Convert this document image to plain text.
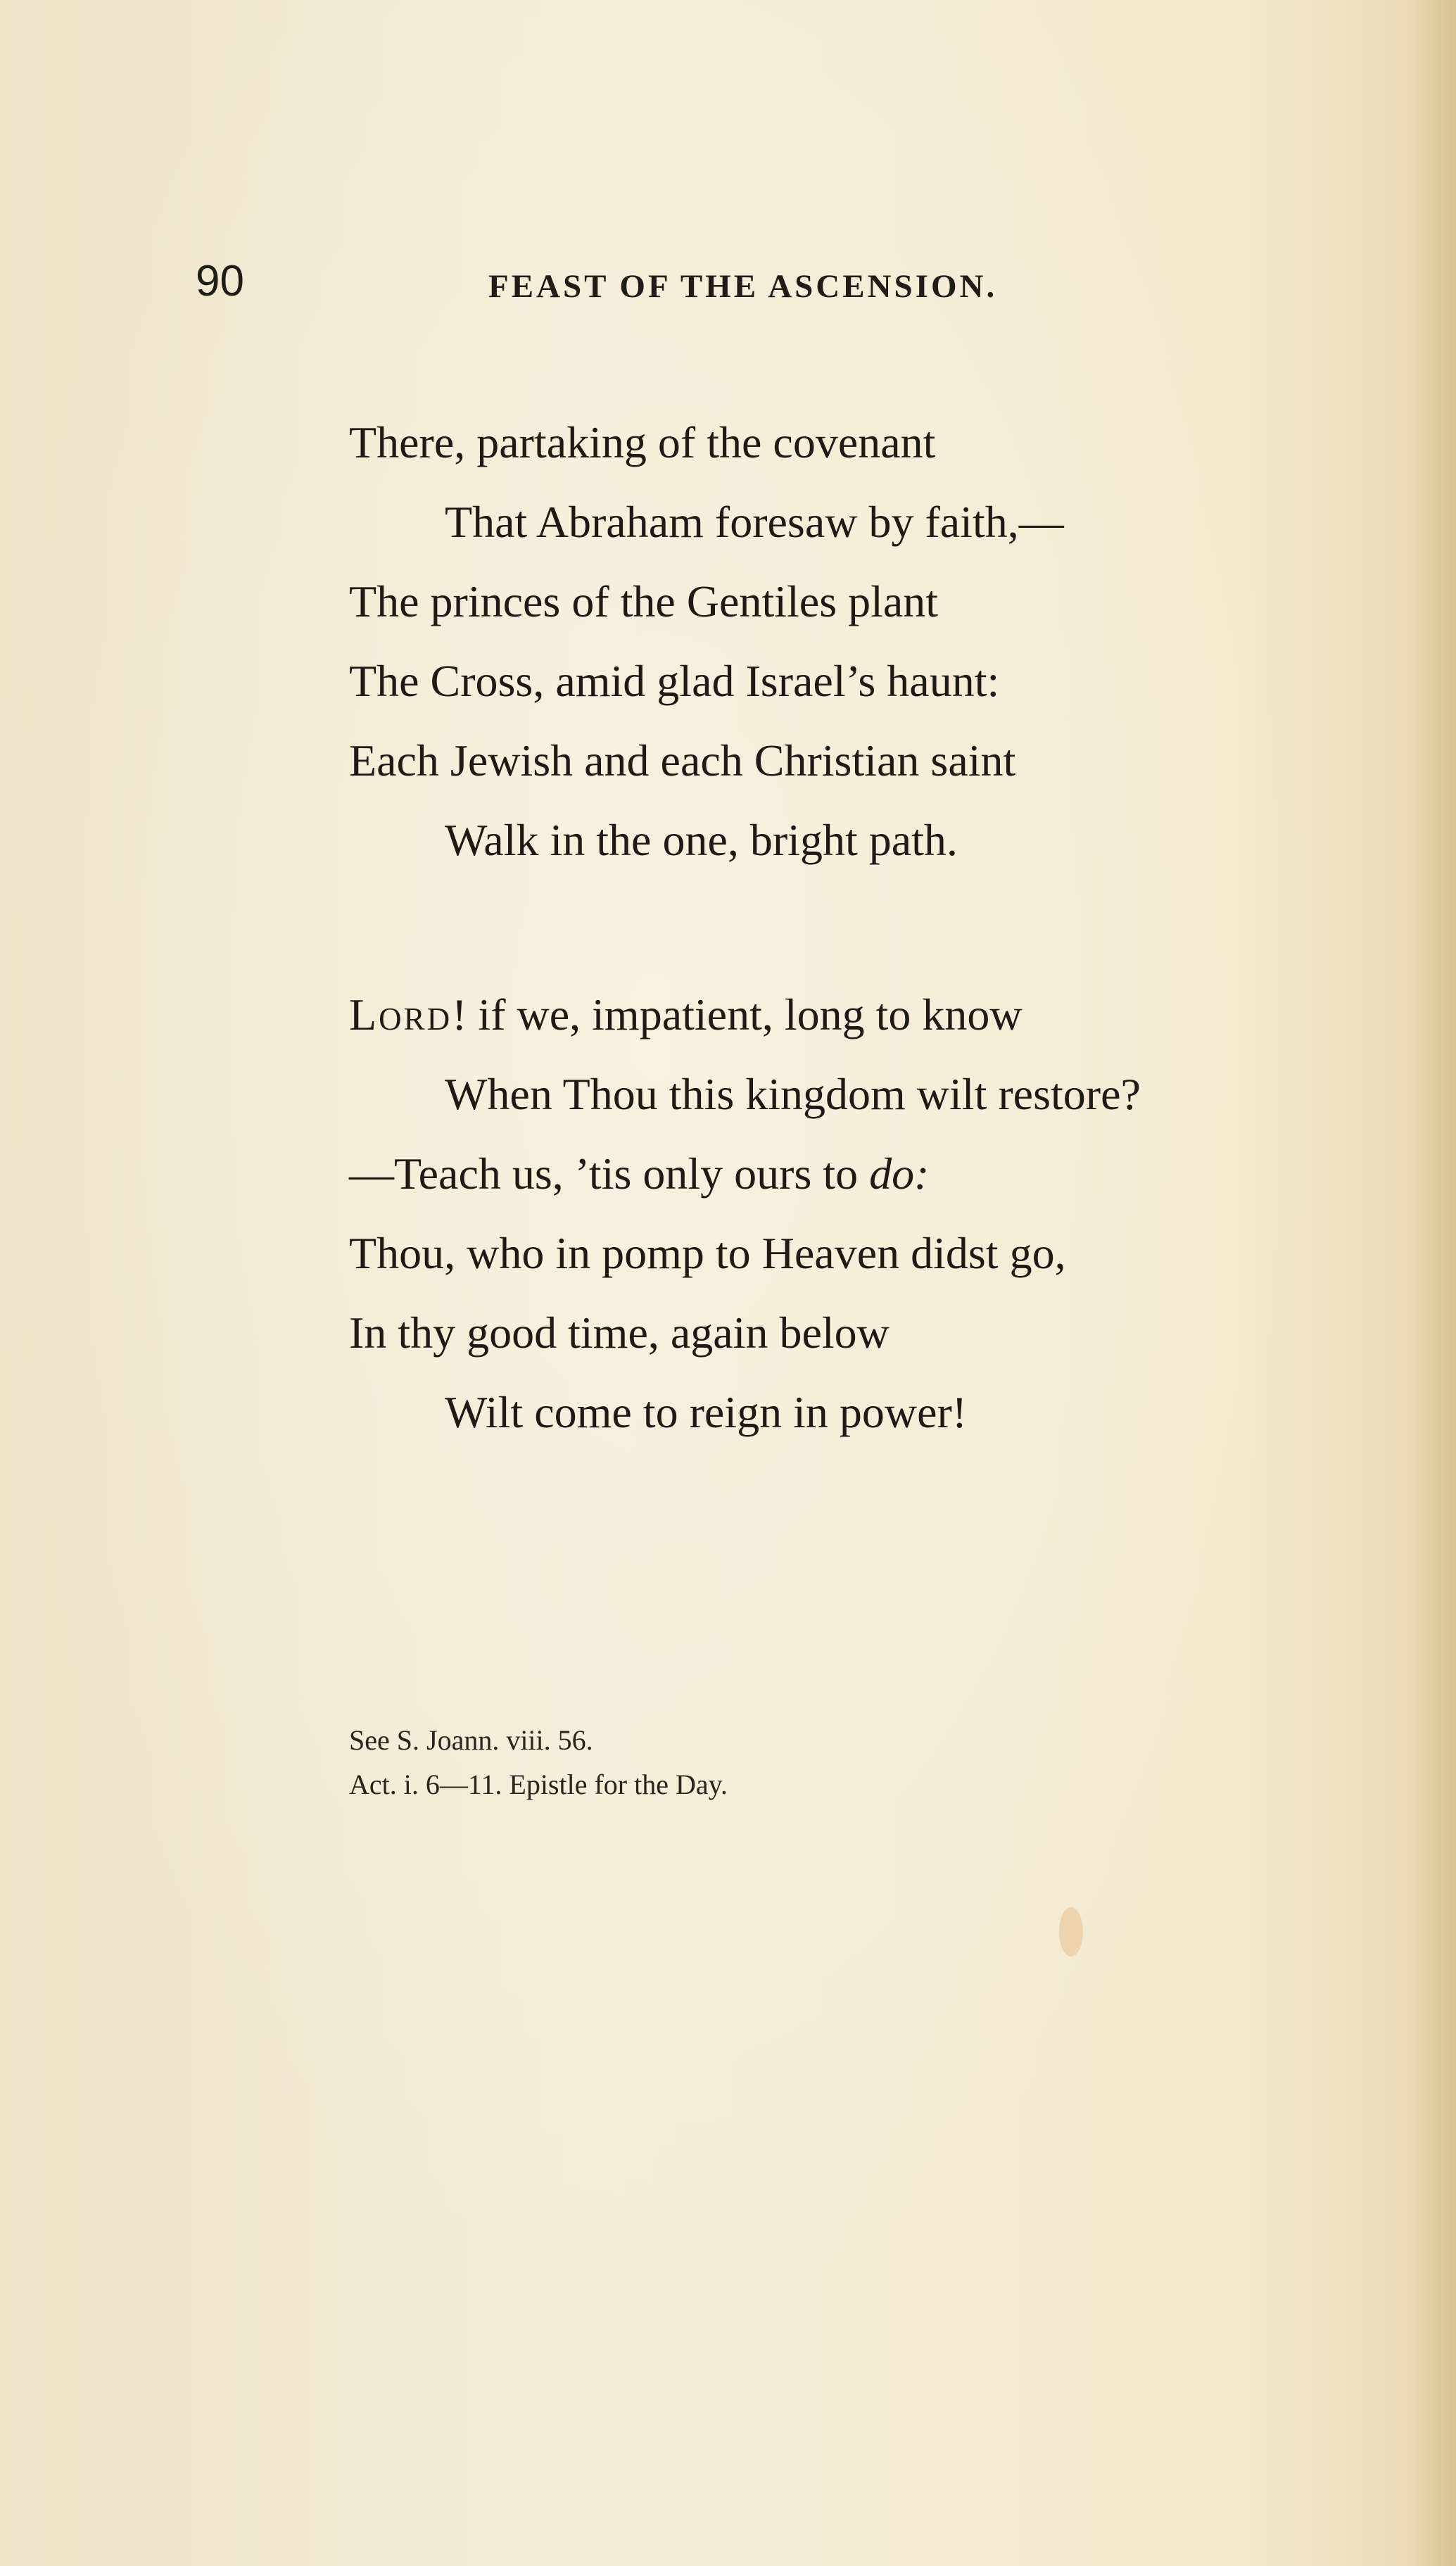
90	FEAST OF THE ASCENSION.
There, partaking of the covenant
That Abraham foresaw by faith,—
The princes of the Gentiles plant
The Cross, amid glad Israel’s haunt:
Each Jewish and each Christian saint
Walk in the one, bright path.
Lord! if we, impatient, long to know
When Thou this kingdom wilt restore?
—Teach us, ’tis only ours to do:
Thou, who in pomp to Heaven didst go,
In thy good time, again below
Wilt come to reign in power!
See S. Joann. viii. 56.
Act. i. 6—11. Epistle for the Day.
